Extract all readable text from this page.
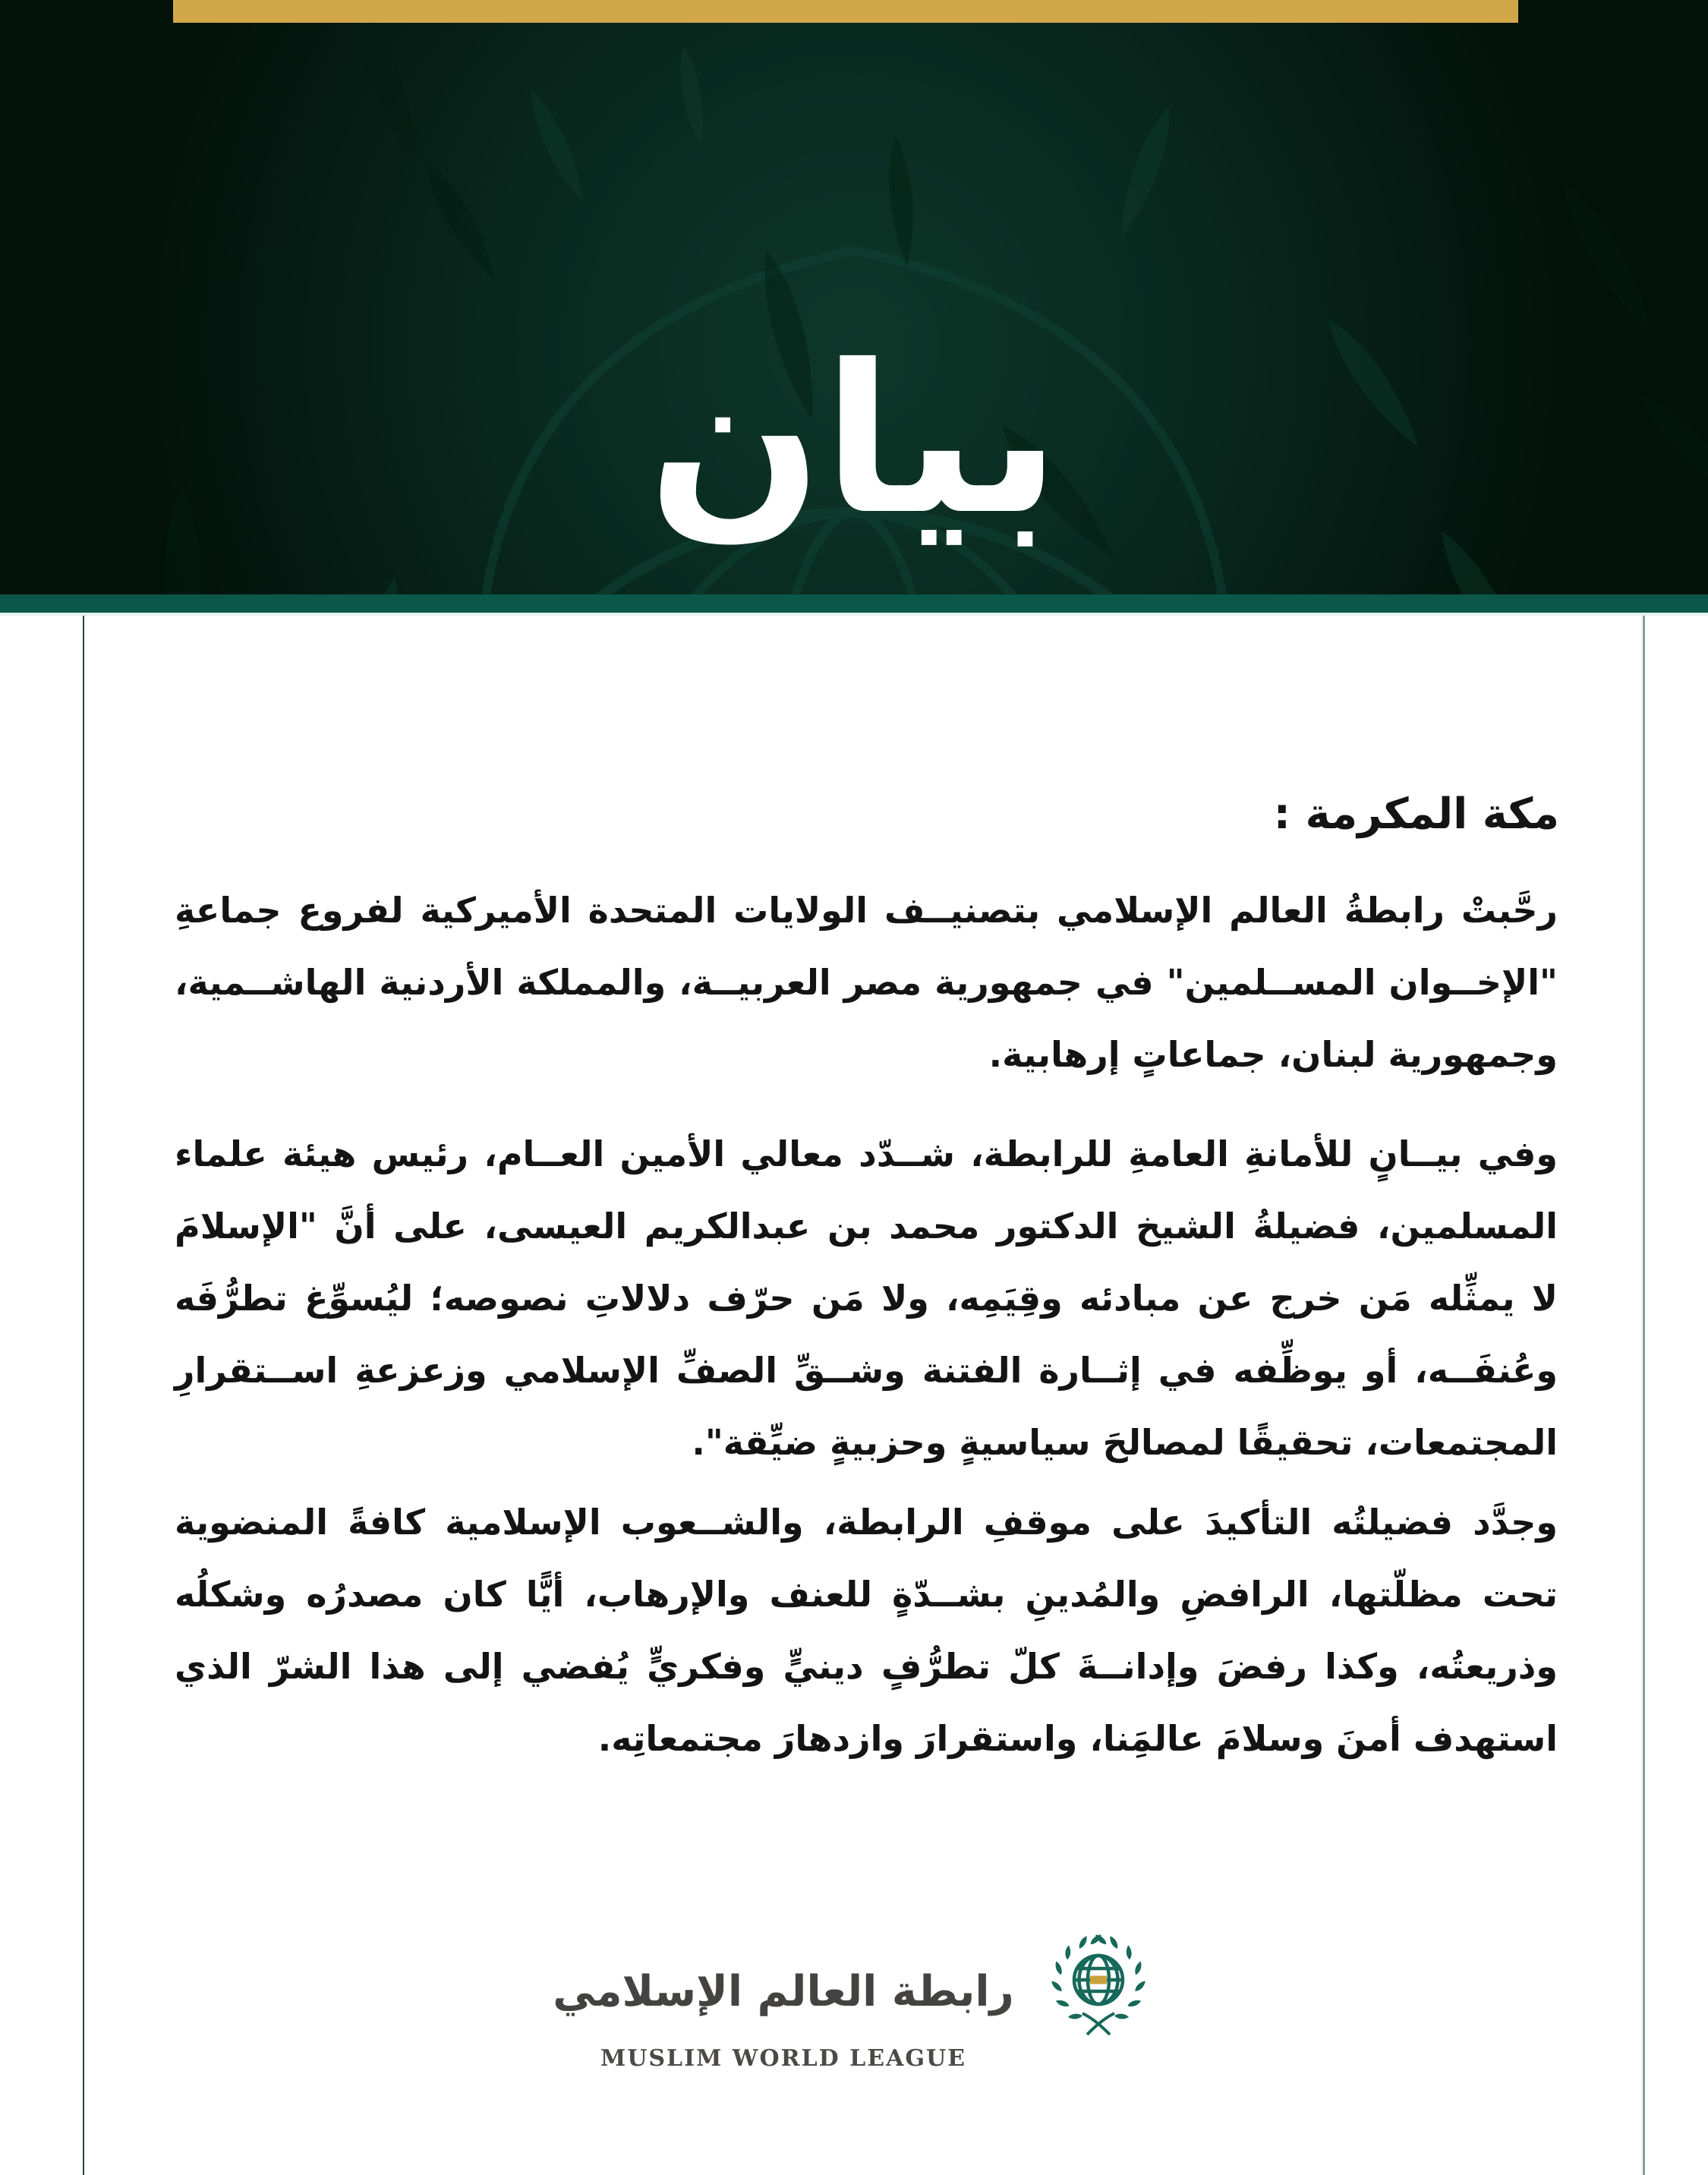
بيان
مكة المكرمة :

رحَّبتْ رابطةُ العالم الإسلامي بتصنيــف الولايات المتحدة الأميركية لفروع جماعةِ

"الإخــوان المســلمين" في جمهورية مصر العربيــة، والمملكة الأردنية الهاشــمية،

وجمهورية لبنان، جماعاتٍ إرهابية.

وفي بيــانٍ للأمانةِ العامةِ للرابطة، شــدّد معالي الأمين العــام، رئيس هيئة علماء

المسلمين، فضيلةُ الشيخ الدكتور محمد بن عبدالكريم العيسى، على أنَّ "الإسلامَ

لا يمثِّله مَن خرج عن مبادئه وقِيَمِه، ولا مَن حرّف دلالاتِ نصوصه؛ ليُسوِّغ تطرُّفَه

وعُنفَــه، أو يوظِّفه في إثــارة الفتنة وشــقِّ الصفِّ الإسلامي وزعزعةِ اســتقرارِ

المجتمعات، تحقيقًا لمصالحَ سياسيةٍ وحزبيةٍ ضيِّقة".

وجدَّد فضيلتُه التأكيدَ على موقفِ الرابطة، والشــعوب الإسلامية كافةً المنضوية

تحت مظلّتها، الرافضِ والمُدينِ بشــدّةٍ للعنف والإرهاب، أيًّا كان مصدرُه وشكلُه

وذريعتُه، وكذا رفضَ وإدانــةَ كلّ تطرُّفٍ دينيٍّ وفكريٍّ يُفضي إلى هذا الشرّ الذي

استهدف أمنَ وسلامَ عالمَِنا، واستقرارَ وازدهارَ مجتمعاتِه.

رابطة العالم الإسلامي
MUSLIM WORLD LEAGUE
